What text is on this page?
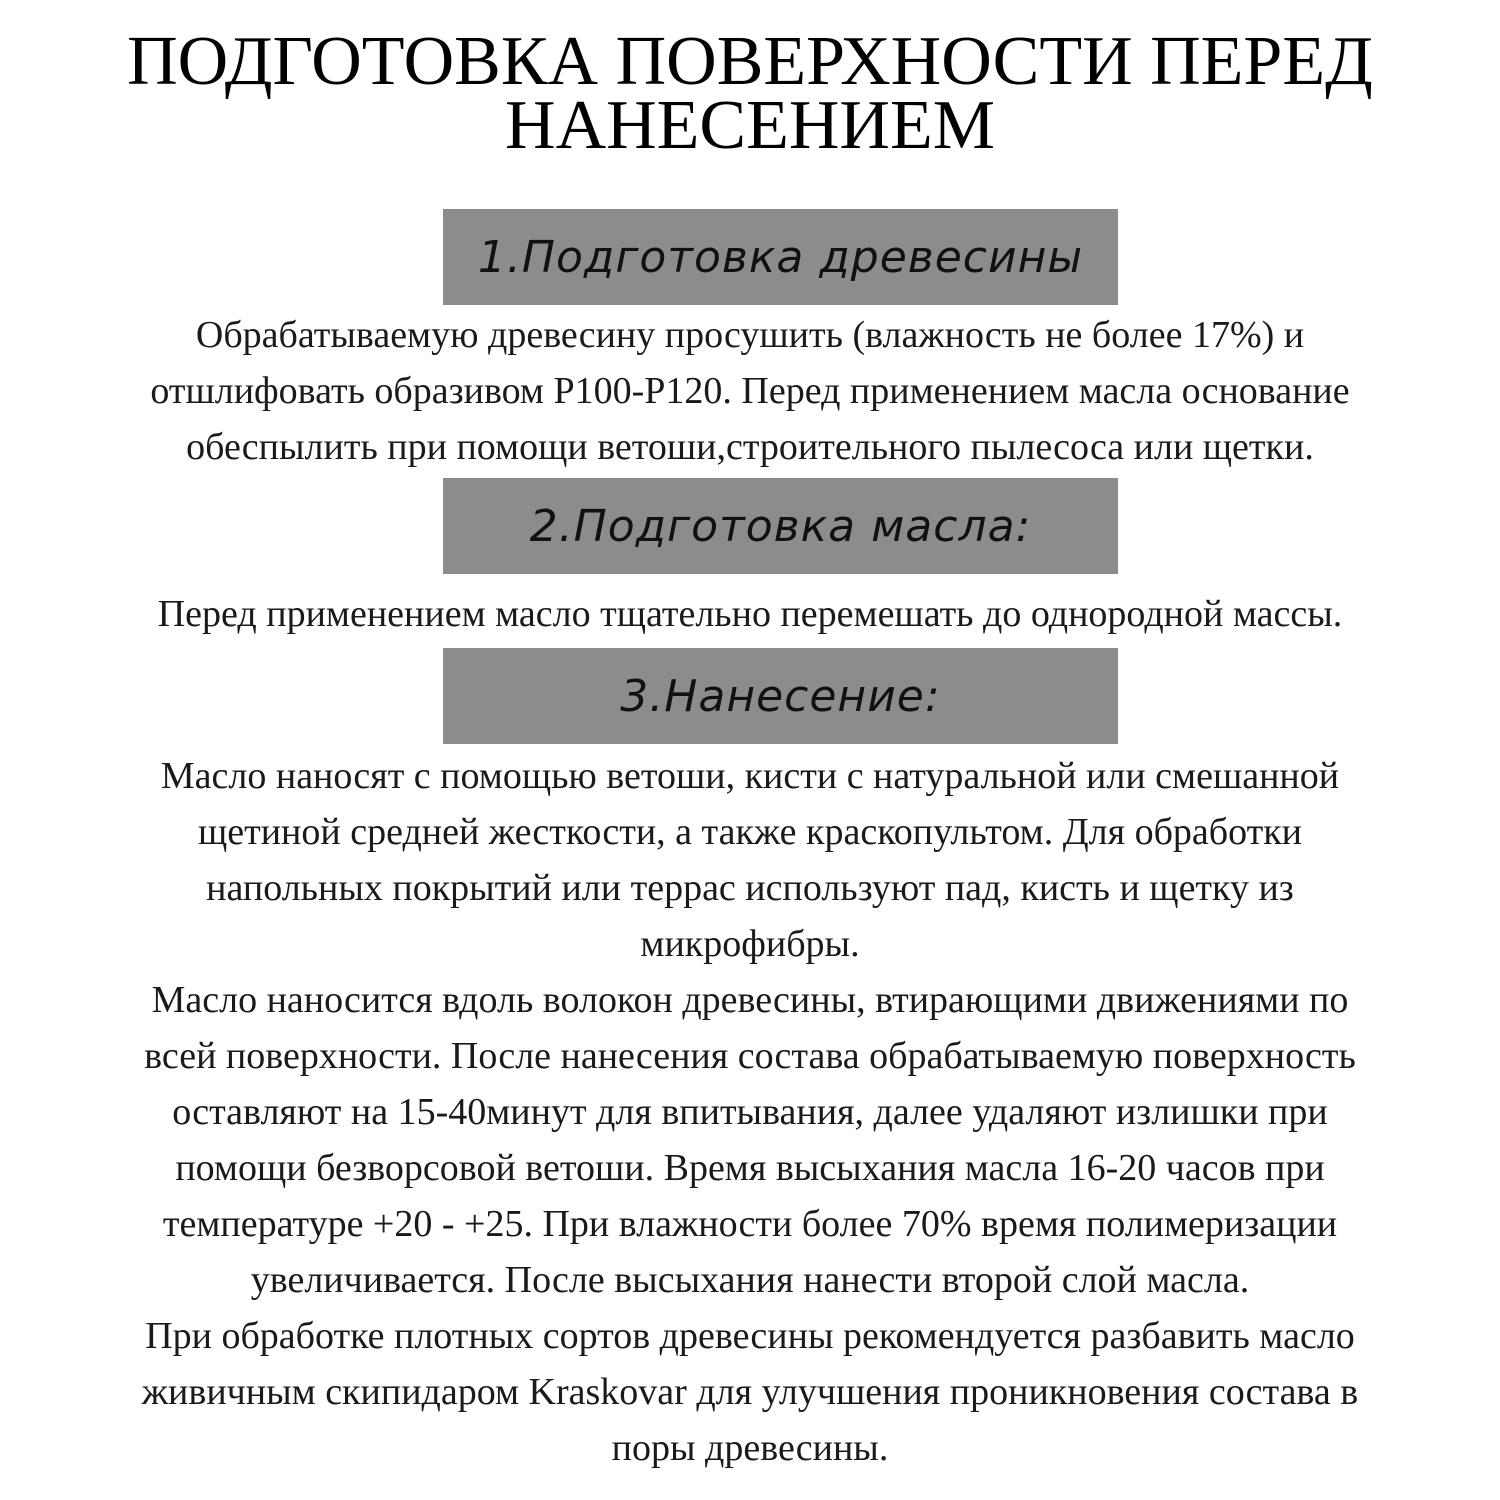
ПОДГОТОВКА ПОВЕРХНОСТИ ПЕРЕД
НАНЕСЕНИЕМ
1.Подготовка древесины
Обрабатываемую древесину просушить (влажность не более 17%) и
отшлифовать образивом Р100-Р120. Перед применением масла основание
обеспылить при помощи ветоши,строительного пылесоса или щетки.
2.Подготовка масла:
Перед применением масло тщательно перемешать до однородной массы.
3.Нанесение:
Масло наносят с помощью ветоши, кисти с натуральной или смешанной
щетиной средней жесткости, а также краскопультом. Для обработки
напольных покрытий или террас используют пад, кисть и щетку из
микрофибры.
Масло наносится вдоль волокон древесины, втирающими движениями по
всей поверхности. После нанесения состава обрабатываемую поверхность
оставляют на 15-40минут для впитывания, далее удаляют излишки при
помощи безворсовой ветоши. Время высыхания масла 16-20 часов при
температуре +20 - +25. При влажности более 70% время полимеризации
увеличивается. После высыхания нанести второй слой масла.
При обработке плотных сортов древесины рекомендуется разбавить масло
живичным скипидаром Kraskovar для улучшения проникновения состава в
поры древесины.
